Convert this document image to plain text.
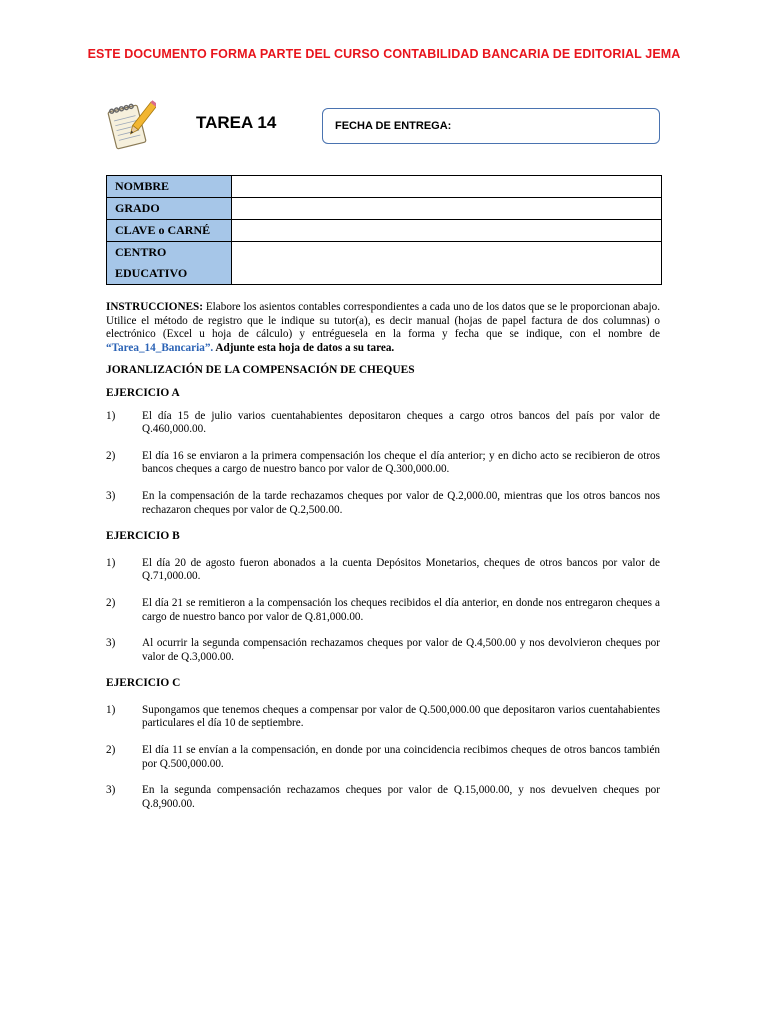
ESTE DOCUMENTO FORMA PARTE DEL CURSO CONTABILIDAD BANCARIA DE EDITORIAL JEMA
TAREA 14	FECHA DE ENTREGA:
NOMBRE	
GRADO	
CLAVE o CARNÉ	
CENTRO EDUCATIVO	

INSTRUCCIONES: Elabore los asientos contables correspondientes a cada uno de los datos que se le proporcionan abajo. Utilice el método de registro que le indique su tutor(a), es decir manual (hojas de papel factura de dos columnas) o electrónico (Excel u hoja de cálculo) y entréguesela en la forma y fecha que se indique, con el nombre de “Tarea_14_Bancaria”. Adjunte esta hoja de datos a su tarea.

JORANLIZACIÓN DE LA COMPENSACIÓN DE CHEQUES
EJERCICIO A
1)	El día 15 de julio varios cuentahabientes depositaron cheques a cargo otros bancos del país por valor de Q.460,000.00.
2)	El día 16 se enviaron a la primera compensación los cheque el día anterior; y en dicho acto se recibieron de otros bancos cheques a cargo de nuestro banco por valor de Q.300,000.00.
3)	En la compensación de la tarde rechazamos cheques por valor de Q.2,000.00, mientras que los otros bancos nos rechazaron cheques por valor de Q.2,500.00.
EJERCICIO B
1)	El día 20 de agosto fueron abonados a la cuenta Depósitos Monetarios, cheques de otros bancos por valor de Q.71,000.00.
2)	El día 21 se remitieron a la compensación los cheques recibidos el día anterior, en donde nos entregaron cheques a cargo de nuestro banco por valor de Q.81,000.00.
3)	Al ocurrir la segunda compensación rechazamos cheques por valor de Q.4,500.00 y nos devolvieron cheques por valor de Q.3,000.00.
EJERCICIO C
1)	Supongamos que tenemos cheques a compensar por valor de Q.500,000.00 que depositaron varios cuentahabientes particulares el día 10 de septiembre.
2)	El día 11 se envían a la compensación, en donde por una coincidencia recibimos cheques de otros bancos también por Q.500,000.00.
3)	En la segunda compensación rechazamos cheques por valor de Q.15,000.00, y nos devuelven cheques por Q.8,900.00.
